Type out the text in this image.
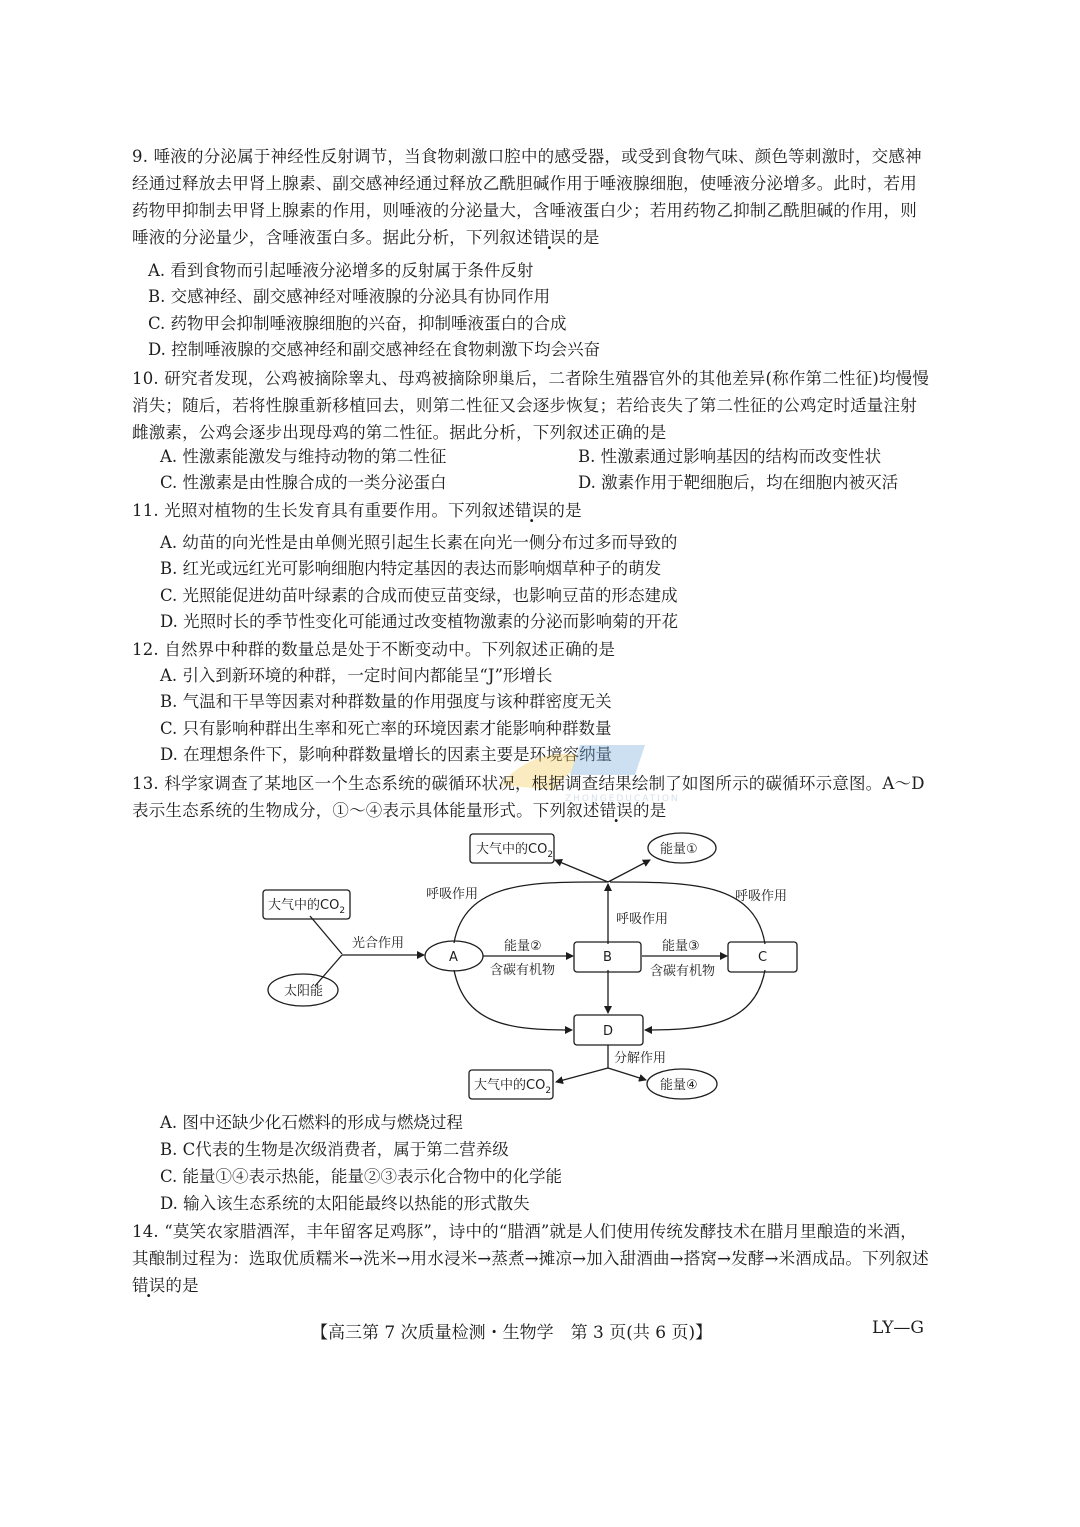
9. 唾液的分泌属于神经性反射调节，当食物刺激口腔中的感受器，或受到食物气味、颜色等刺激时，交感神经通过释放去甲肾上腺素、副交感神经通过释放乙酰胆碱作用于唾液腺细胞，使唾液分泌增多。此时，若用药物甲抑制去甲肾上腺素的作用，则唾液的分泌量大，含唾液蛋白少；若用药物乙抑制乙酰胆碱的作用，则唾液的分泌量少，含唾液蛋白多。据此分析，下列叙述错误的是
A. 看到食物而引起唾液分泌增多的反射属于条件反射
B. 交感神经、副交感神经对唾液腺的分泌具有协同作用
C. 药物甲会抑制唾液腺细胞的兴奋，抑制唾液蛋白的合成
D. 控制唾液腺的交感神经和副交感神经在食物刺激下均会兴奋
10. 研究者发现，公鸡被摘除睾丸、母鸡被摘除卵巢后，二者除生殖器官外的其他差异(称作第二性征)均慢慢消失；随后，若将性腺重新移植回去，则第二性征又会逐步恢复；若给丧失了第二性征的公鸡定时适量注射雌激素，公鸡会逐步出现母鸡的第二性征。据此分析，下列叙述正确的是
A. 性激素能激发与维持动物的第二性征	B. 性激素通过影响基因的结构而改变性状
C. 性激素是由性腺合成的一类分泌蛋白	D. 激素作用于靶细胞后，均在细胞内被灭活
11. 光照对植物的生长发育具有重要作用。下列叙述错误的是
A. 幼苗的向光性是由单侧光照引起生长素在向光一侧分布过多而导致的
B. 红光或远红光可影响细胞内特定基因的表达而影响烟草种子的萌发
C. 光照能促进幼苗叶绿素的合成而使豆苗变绿，也影响豆苗的形态建成
D. 光照时长的季节性变化可能通过改变植物激素的分泌而影响菊的开花
12. 自然界中种群的数量总是处于不断变动中。下列叙述正确的是
A. 引入到新环境的种群，一定时间内都能呈“J”形增长
B. 气温和干旱等因素对种群数量的作用强度与该种群密度无关
C. 只有影响种群出生率和死亡率的环境因素才能影响种群数量
D. 在理想条件下，影响种群数量增长的因素主要是环境容纳量
ZHONGEDUCATION
13. 科学家调查了某地区一个生态系统的碳循环状况，根据调查结果绘制了如图所示的碳循环示意图。A～D表示生态系统的生物成分，①～④表示具体能量形式。下列叙述错误的是
大气中的$CO_2$	能量①
大气中的$CO_2$
太阳能
光合作用
呼吸作用
呼吸作用
呼吸作用
A	B	C
D
能量②
含碳有机物
能量③
含碳有机物
分解作用
大气中的$CO_2$	能量④
A. 图中还缺少化石燃料的形成与燃烧过程
B. C代表的生物是次级消费者，属于第二营养级
C. 能量①④表示热能，能量②③表示化合物中的化学能
D. 输入该生态系统的太阳能最终以热能的形式散失
14. “莫笑农家腊酒浑，丰年留客足鸡豚”，诗中的“腊酒”就是人们使用传统发酵技术在腊月里酿造的米酒，其酿制过程为：选取优质糯米→洗米→用水浸米→蒸煮→摊凉→加入甜酒曲→搭窝→发酵→米酒成品。下列叙述错误的是
【高三第 7 次质量检测・生物学　第 3 页(共 6 页)】	LY—G
